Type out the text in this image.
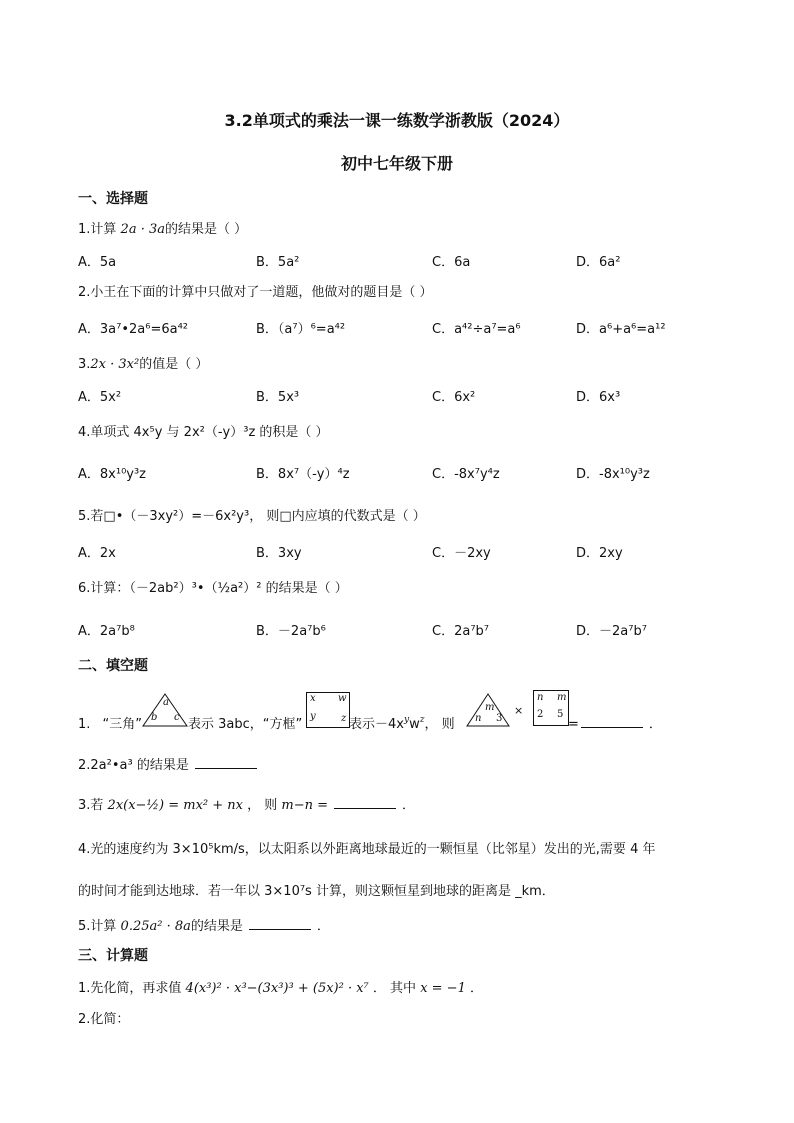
3.2单项式的乘法一课一练数学浙教版（2024）
初中七年级下册
一、选择题
1.计算 2a · 3a的结果是（ ）
A．5a	B．5a²	C．6a	D．6a²
2.小王在下面的计算中只做对了一道题，他做对的题目是（ ）
A．3a⁷•2a⁶=6a⁴²	B．（a⁷）⁶=a⁴²	C．a⁴²÷a⁷=a⁶	D．a⁶+a⁶=a¹²
3.2x · 3x²的值是（ ）
A．5x²	B．5x³	C．6x²	D．6x³
4.单项式 4x⁵y 与 2x²（-y）³z 的积是（ ）
A．8x¹⁰y³z	B．8x⁷（-y）⁴z	C．-8x⁷y⁴z	D．-8x¹⁰y³z
5.若□•（－3xy²）=－6x²y³， 则□内应填的代数式是（ ）
A．2x	B．3xy	C．－2xy	D．2xy
6.计算：（－2ab²）³•（½a²）² 的结果是（ ）
A．2a⁷b⁸	B．－2a⁷b⁶	C．2a⁷b⁷	D．－2a⁷b⁷
二、填空题
1. “三角”
a
b c 表示 3abc，“方框”
x w
y	z 表示$-4x^yw^z$， 则
m
n 3
×
n m
2 5
=	．
2.2a²•a³ 的结果是
3.若 2x(x−½) = mx² + nx ， 则 m−n =	．
4.光的速度约为 3×10⁵km/s，以太阳系以外距离地球最近的一颗恒星（比邻星）发出的光,需要 4 年
的时间才能到达地球．若一年以 3×10⁷s 计算，则这颗恒星到地球的距离是 _km．
5.计算 0.25a² · 8a的结果是	．
三、计算题
1.先化简，再求值 4(x³)² · x³−(3x³)³ + (5x)² · x⁷ ． 其中 x = −1 ．
2.化简：
